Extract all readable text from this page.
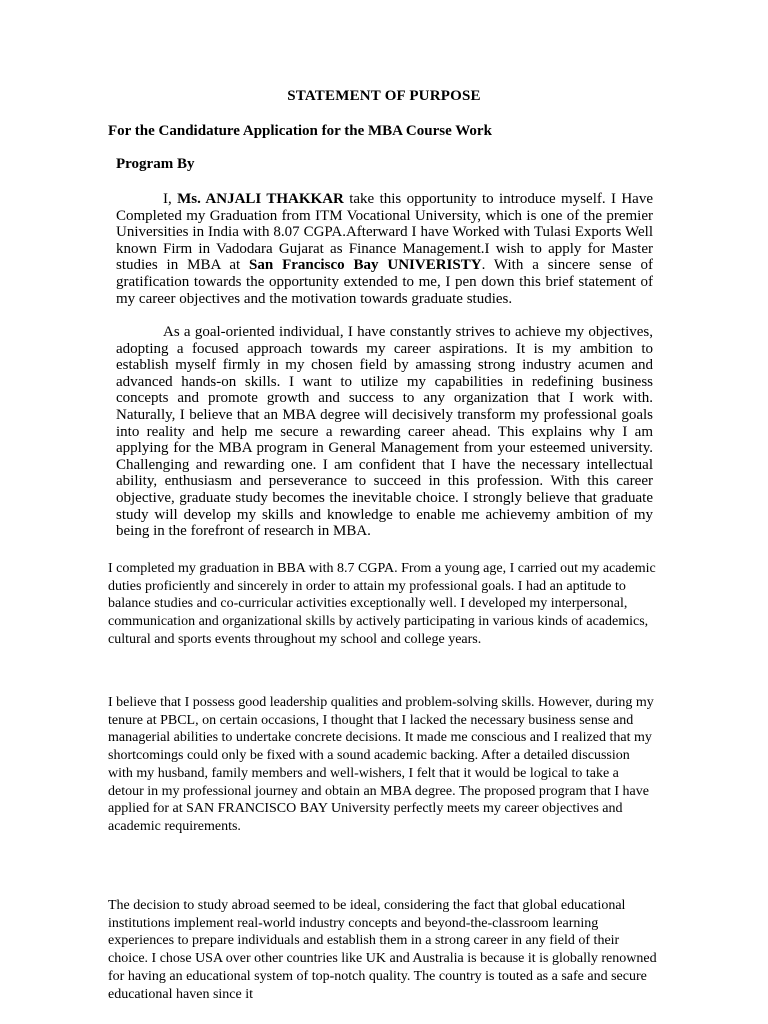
STATEMENT OF PURPOSE
For the Candidature Application for the MBA Course Work
Program By

I, Ms. ANJALI THAKKAR take this opportunity to introduce myself. I Have Completed my Graduation from ITM Vocational University, which is one of the premier Universities in India with 8.07 CGPA.Afterward I have Worked with Tulasi Exports Well known Firm in Vadodara Gujarat as Finance Management.I wish to apply for Master studies in MBA at San Francisco Bay UNIVERISTY. With a sincere sense of gratification towards the opportunity extended to me, I pen down this brief statement of my career objectives and the motivation towards graduate studies.

As a goal-oriented individual, I have constantly strives to achieve my objectives, adopting a focused approach towards my career aspirations. It is my ambition to establish myself firmly in my chosen field by amassing strong industry acumen and advanced hands-on skills. I want to utilize my capabilities in redefining business concepts and promote growth and success to any organization that I work with. Naturally, I believe that an MBA degree will decisively transform my professional goals into reality and help me secure a rewarding career ahead. This explains why I am applying for the MBA program in General Management from your esteemed university. Challenging and rewarding one. I am confident that I have the necessary intellectual ability, enthusiasm and perseverance to succeed in this profession. With this career objective, graduate study becomes the inevitable choice. I strongly believe that graduate study will develop my skills and knowledge to enable me achievemy ambition of my being in the forefront of research in MBA.

I completed my graduation in BBA with 8.7 CGPA. From a young age, I carried out my academic duties proficiently and sincerely in order to attain my professional goals. I had an aptitude to balance studies and co-curricular activities exceptionally well. I developed my interpersonal, communication and organizational skills by actively participating in various kinds of academics, cultural and sports events throughout my school and college years.

I believe that I possess good leadership qualities and problem-solving skills. However, during my tenure at PBCL, on certain occasions, I thought that I lacked the necessary business sense and managerial abilities to undertake concrete decisions. It made me conscious and I realized that my shortcomings could only be fixed with a sound academic backing. After a detailed discussion with my husband, family members and well-wishers, I felt that it would be logical to take a detour in my professional journey and obtain an MBA degree. The proposed program that I have applied for at SAN FRANCISCO BAY University perfectly meets my career objectives and academic requirements.

The decision to study abroad seemed to be ideal, considering the fact that global educational institutions implement real-world industry concepts and beyond-the-classroom learning experiences to prepare individuals and establish them in a strong career in any field of their choice. I chose USA over other countries like UK and Australia is because it is globally renowned for having an educational system of top-notch quality. The country is touted as a safe and secure educational haven since it
